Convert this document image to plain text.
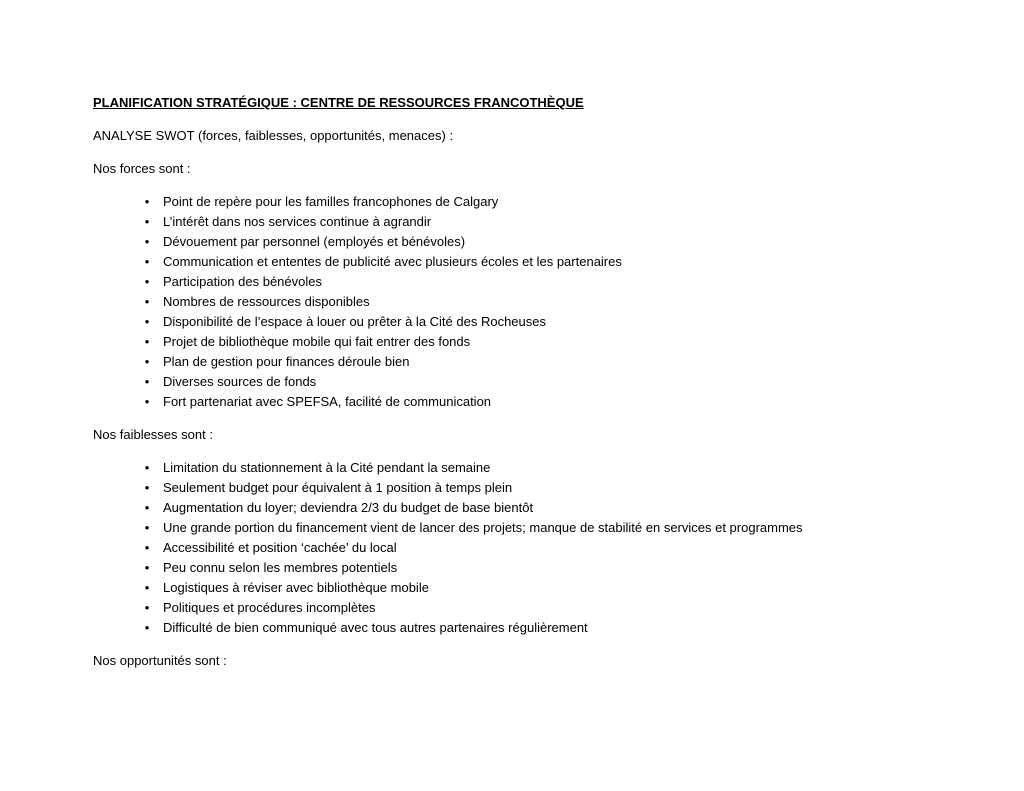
PLANIFICATION STRATÉGIQUE : CENTRE DE RESSOURCES FRANCOTHÈQUE

ANALYSE SWOT (forces, faiblesses, opportunités, menaces) :

Nos forces sont :

•	Point de repère pour les familles francophones de Calgary
•	L’intérêt dans nos services continue à agrandir
•	Dévouement par personnel (employés et bénévoles)
•	Communication et ententes de publicité avec plusieurs écoles et les partenaires
•	Participation des bénévoles
•	Nombres de ressources disponibles
•	Disponibilité de l’espace à louer ou prêter à la Cité des Rocheuses
•	Projet de bibliothèque mobile qui fait entrer des fonds
•	Plan de gestion pour finances déroule bien
•	Diverses sources de fonds
•	Fort partenariat avec SPEFSA, facilité de communication

Nos faiblesses sont :

•	Limitation du stationnement à la Cité pendant la semaine
•	Seulement budget pour équivalent à 1 position à temps plein
•	Augmentation du loyer; deviendra 2/3 du budget de base bientôt
•	Une grande portion du financement vient de lancer des projets; manque de stabilité en services et programmes
•	Accessibilité et position ‘cachée’ du local
•	Peu connu selon les membres potentiels
•	Logistiques à réviser avec bibliothèque mobile
•	Politiques et procédures incomplètes
•	Difficulté de bien communiqué avec tous autres partenaires régulièrement

Nos opportunités sont :
